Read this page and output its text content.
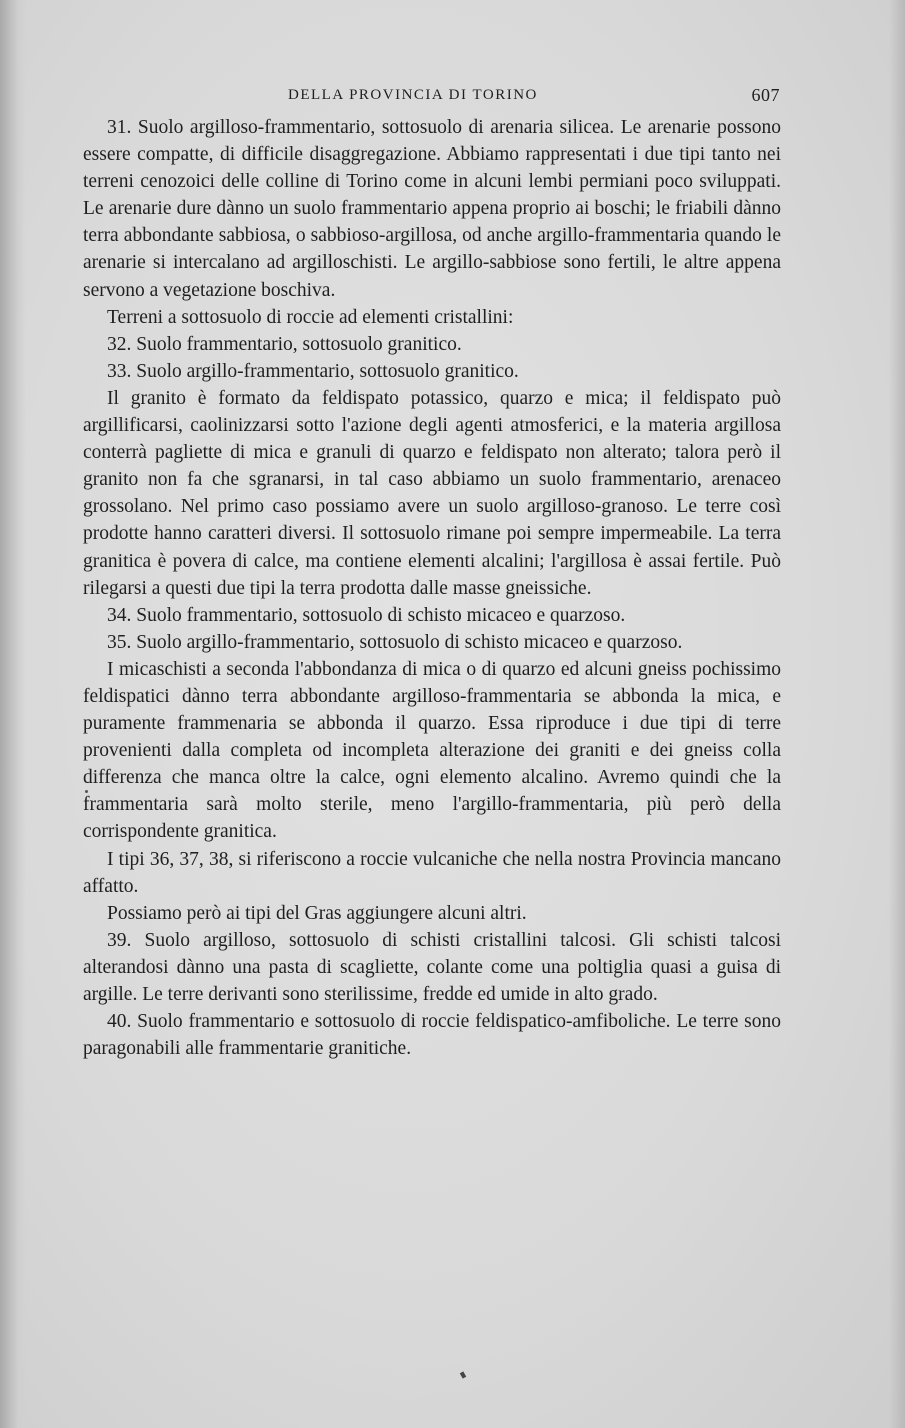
DELLA PROVINCIA DI TORINO	607

31. Suolo argilloso-frammentario, sottosuolo di arenaria silicea. Le arenarie possono essere compatte, di difficile disaggregazione. Abbiamo rappresentati i due tipi tanto nei terreni cenozoici delle colline di Torino come in alcuni lembi permiani poco sviluppati. Le arenarie dure dànno un suolo frammentario appena proprio ai boschi; le friabili dànno terra abbondante sabbiosa, o sabbioso-argillosa, od anche argillo-frammentaria quando le arenarie si intercalano ad argilloschisti. Le argillo-sabbiose sono fertili, le altre appena servono a vegetazione boschiva.

Terreni a sottosuolo di roccie ad elementi cristallini:

32. Suolo frammentario, sottosuolo granitico.

33. Suolo argillo-frammentario, sottosuolo granitico.

Il granito è formato da feldispato potassico, quarzo e mica; il feldispato può argillificarsi, caolinizzarsi sotto l'azione degli agenti atmosferici, e la materia argillosa conterrà pagliette di mica e granuli di quarzo e feldispato non alterato; talora però il granito non fa che sgranarsi, in tal caso abbiamo un suolo frammentario, arenaceo grossolano. Nel primo caso possiamo avere un suolo argilloso-granoso. Le terre così prodotte hanno caratteri diversi. Il sottosuolo rimane poi sempre impermeabile. La terra granitica è povera di calce, ma contiene elementi alcalini; l'argillosa è assai fertile. Può rilegarsi a questi due tipi la terra prodotta dalle masse gneissiche.

34. Suolo frammentario, sottosuolo di schisto micaceo e quarzoso.

35. Suolo argillo-frammentario, sottosuolo di schisto micaceo e quarzoso.

I micaschisti a seconda l'abbondanza di mica o di quarzo ed alcuni gneiss pochissimo feldispatici dànno terra abbondante argilloso-frammentaria se abbonda la mica, e puramente frammenaria se abbonda il quarzo. Essa riproduce i due tipi di terre provenienti dalla completa od incompleta alterazione dei graniti e dei gneiss colla differenza che manca oltre la calce, ogni elemento alcalino. Avremo quindi che la frammentaria sarà molto sterile, meno l'argillo-frammentaria, più però della corrispondente granitica.

I tipi 36, 37, 38, si riferiscono a roccie vulcaniche che nella nostra Provincia mancano affatto.

Possiamo però ai tipi del Gras aggiungere alcuni altri.

39. Suolo argilloso, sottosuolo di schisti cristallini talcosi. Gli schisti talcosi alterandosi dànno una pasta di scagliette, colante come una poltiglia quasi a guisa di argille. Le terre derivanti sono sterilissime, fredde ed umide in alto grado.

40. Suolo frammentario e sottosuolo di roccie feldispatico-amfiboliche. Le terre sono paragonabili alle frammentarie granitiche.
